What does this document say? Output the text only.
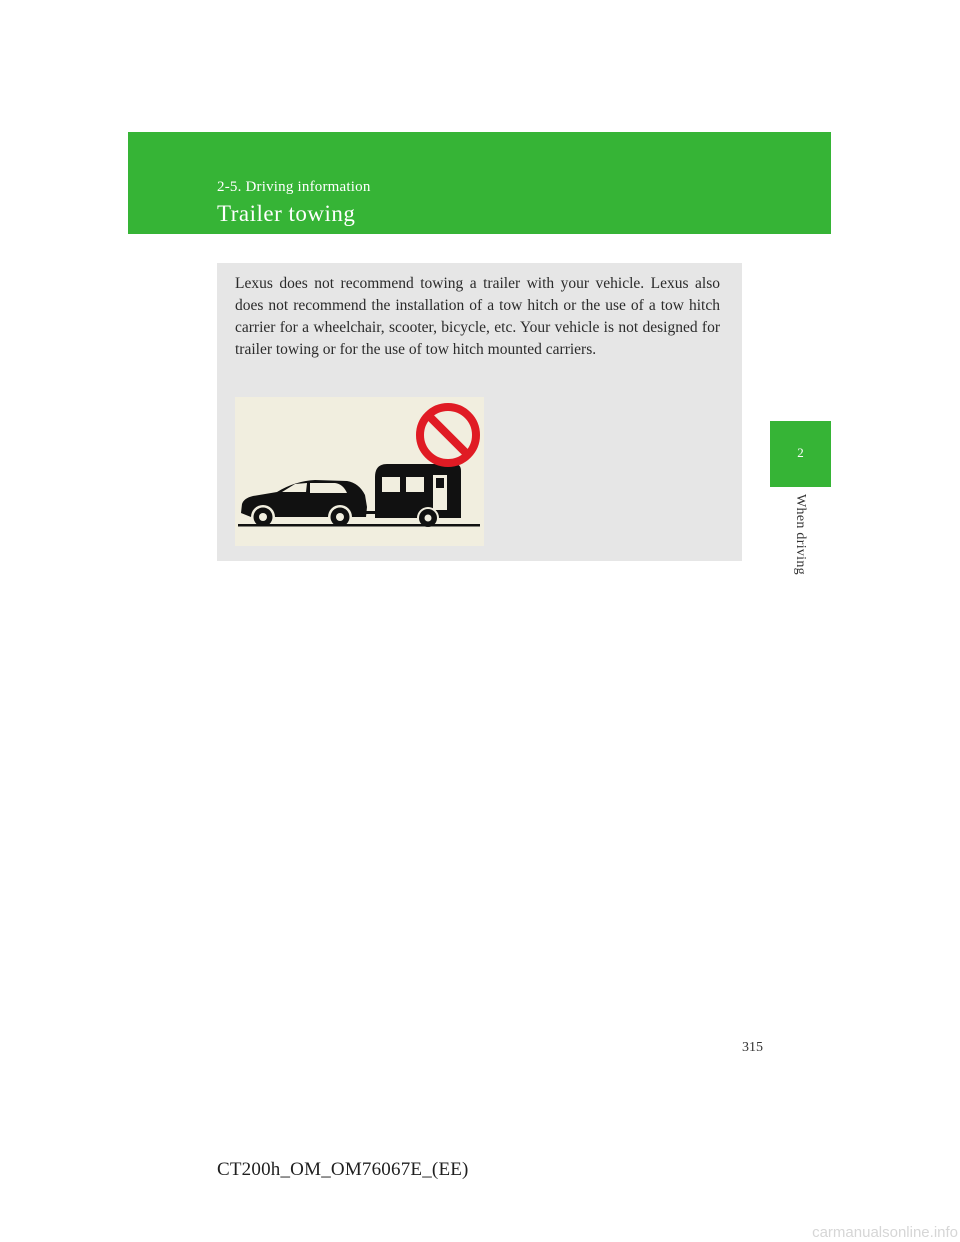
2-5. Driving information
Trailer towing
2
When driving

Lexus does not recommend towing a trailer with your vehicle. Lexus also does not recommend the installation of a tow hitch or the use of a tow hitch carrier for a wheelchair, scooter, bicycle, etc. Your vehicle is not designed for trailer towing or for the use of tow hitch mounted carriers.

315
CT200h_OM_OM76067E_(EE)
carmanualsonline.info
